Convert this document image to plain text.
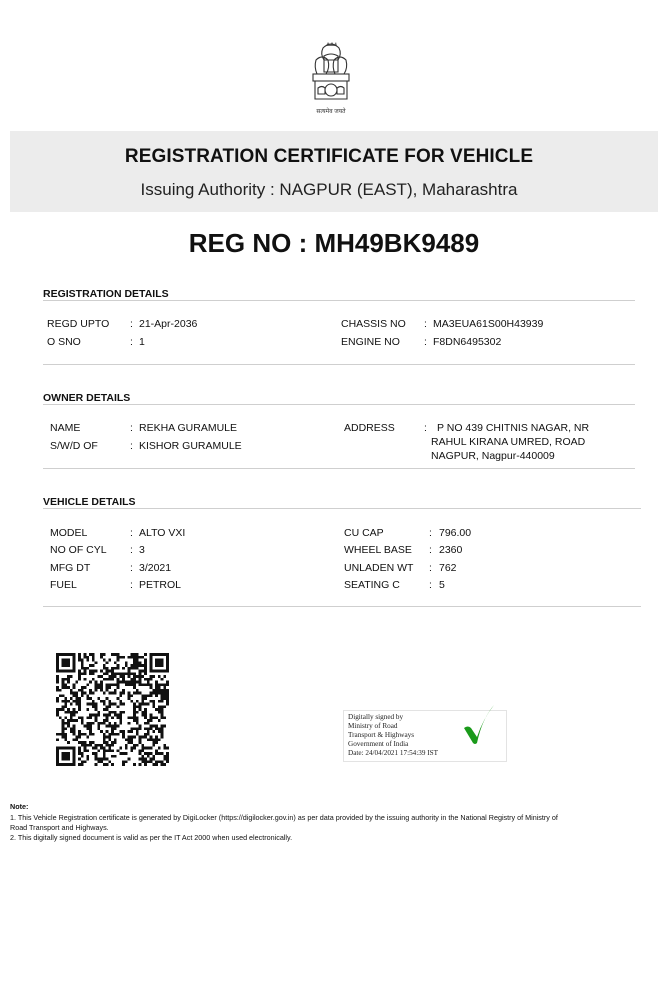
सत्यमेव जयते
REGISTRATION CERTIFICATE FOR VEHICLE
Issuing Authority : NAGPUR (EAST), Maharashtra
REG NO : MH49BK9489
REGISTRATION DETAILS
REGD UPTO : 21-Apr-2036
O SNO	: 1
CHASSIS NO : MA3EUA61S00H43939
ENGINE NO : F8DN6495302
OWNER DETAILS
NAME	: REKHA GURAMULE
S/W/D OF	: KISHOR GURAMULE
ADDRESS	: P NO 439 CHITNIS NAGAR, NR
RAHUL KIRANA UMRED, ROAD
NAGPUR, Nagpur-440009
VEHICLE DETAILS
MODEL	: ALTO VXI
NO OF CYL : 3
MFG DT	: 3/2021
FUEL	: PETROL
CU CAP	: 796.00
WHEEL BASE : 2360
UNLADEN WT : 762
SEATING C	: 5
Digitally signed by
Ministry of Road
Transport & Highways
Government of India
Date: 24/04/2021 17:54:39 IST
Note:
1. This Vehicle Registration certificate is generated by DigiLocker (https://digilocker.gov.in) as per data provided by the issuing authority in the National Registry of Ministry of
Road Transport and Highways.
2. This digitally signed document is valid as per the IT Act 2000 when used electronically.
